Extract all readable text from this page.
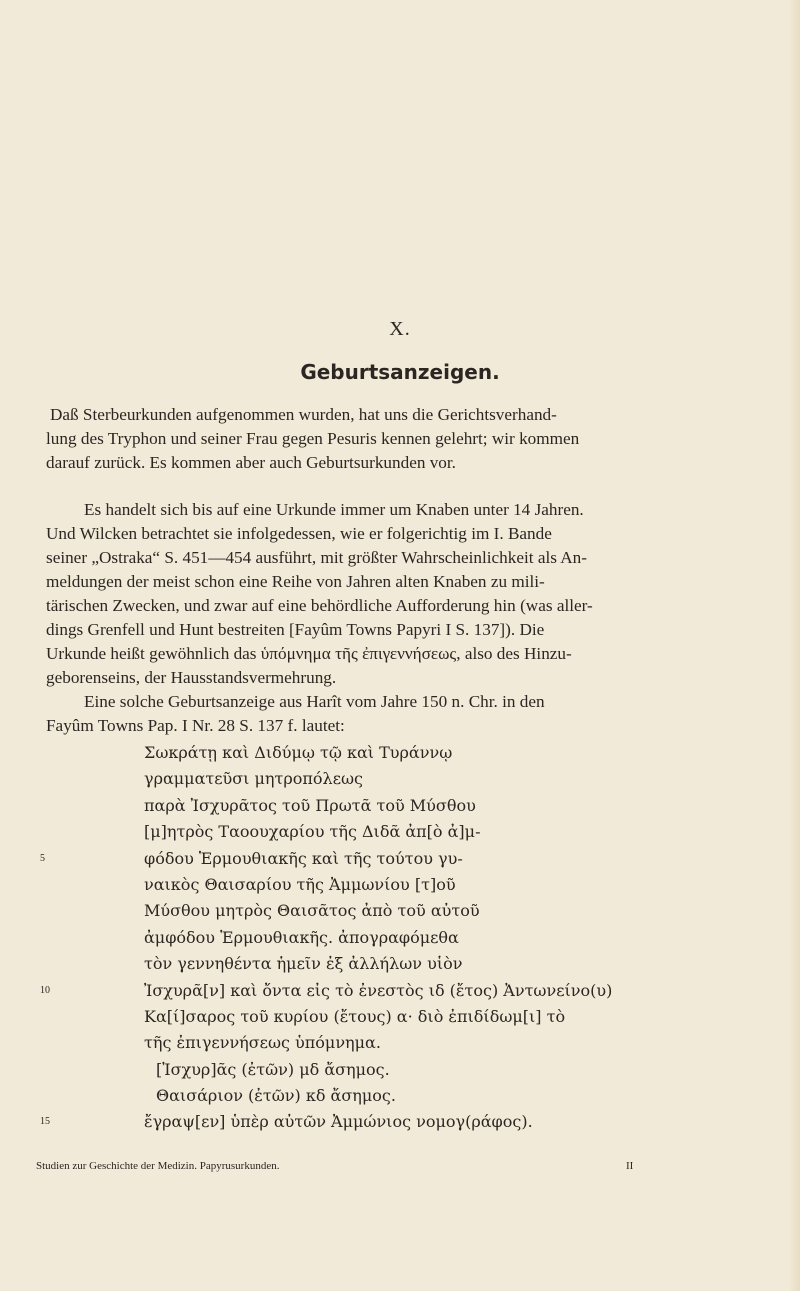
X.
Geburtsanzeigen.
Daß Sterbeurkunden aufgenommen wurden, hat uns die Gerichtsverhand-
lung des Tryphon und seiner Frau gegen Pesuris kennen gelehrt; wir kommen
darauf zurück. Es kommen aber auch Geburtsurkunden vor.
Es handelt sich bis auf eine Urkunde immer um Knaben unter 14 Jahren.
Und Wilcken betrachtet sie infolgedessen, wie er folgerichtig im I. Bande
seiner „Ostraka“ S. 451—454 ausführt, mit größter Wahrscheinlichkeit als An-
meldungen der meist schon eine Reihe von Jahren alten Knaben zu mili-
tärischen Zwecken, und zwar auf eine behördliche Aufforderung hin (was aller-
dings Grenfell und Hunt bestreiten [Fayûm Towns Papyri I S. 137]). Die
Urkunde heißt gewöhnlich das ὑπόμνημα τῆς ἐπιγεννήσεως, also des Hinzu-
geborenseins, der Hausstandsvermehrung.
Eine solche Geburtsanzeige aus Harît vom Jahre 150 n. Chr. in den
Fayûm Towns Pap. I Nr. 28 S. 137 f. lautet:
Σωκράτῃ καὶ Διδύμῳ τῷ καὶ Τυράννῳ
γραμματεῦσι μητροπόλεως
παρὰ Ἰσχυρᾶτος τοῦ Πρωτᾶ τοῦ Μύσθου
[μ]ητρὸς Ταοουχαρίου τῆς Διδᾶ ἀπ[ὸ ἀ]μ-
5	φόδου Ἑρμουθιακῆς καὶ τῆς τούτου γυ-
ναικὸς Θαισαρίου τῆς Ἀμμωνίου [τ]οῦ
Μύσθου μητρὸς Θαισᾶτος ἀπὸ τοῦ αὐτοῦ
ἀμφόδου Ἑρμουθιακῆς. ἀπογραφόμεθα
τὸν γεννηθέντα ἡμεῖν ἐξ ἀλλήλων υἱὸν
10	Ἰσχυρᾶ[ν] καὶ ὄντα εἰς τὸ ἐνεστὸς ιδ (ἔτος) Ἀντωνείνο(υ)
Κα[ί]σαρος τοῦ κυρίου (ἔτους) α· διὸ ἐπιδίδωμ[ι] τὸ
τῆς ἐπιγεννήσεως ὑπόμνημα.
[Ἰσχυρ]ᾶς (ἐτῶν) μδ ἄσημος.
Θαισάριον (ἐτῶν) κδ ἄσημος.
15	ἔγραψ[εν] ὑπὲρ αὐτῶν Ἀμμώνιος νομογ(ράφος).
Studien zur Geschichte der Medizin. Papyrusurkunden.	II
